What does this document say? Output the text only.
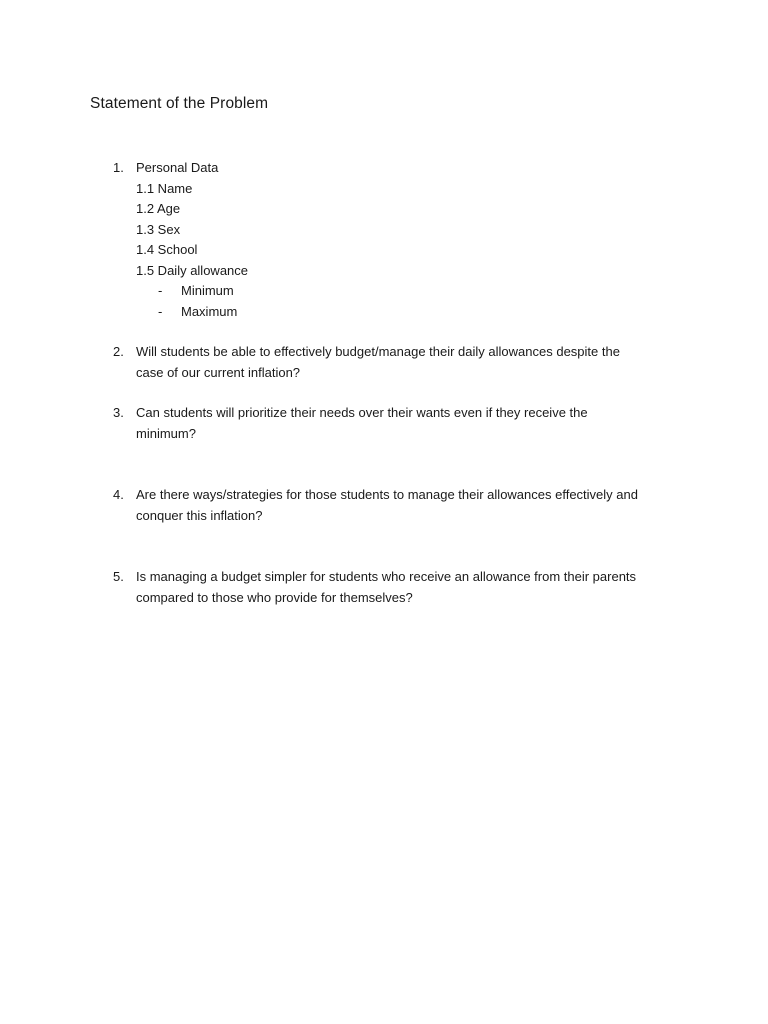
Statement of the Problem
1. Personal Data
1.1 Name
1.2 Age
1.3 Sex
1.4 School
1.5 Daily allowance
- Minimum
- Maximum
2. Will students be able to effectively budget/manage their daily allowances despite the
case of our current inflation?
3. Can students will prioritize their needs over their wants even if they receive the
minimum?
4. Are there ways/strategies for those students to manage their allowances effectively and
conquer this inflation?
5. Is managing a budget simpler for students who receive an allowance from their parents
compared to those who provide for themselves?
